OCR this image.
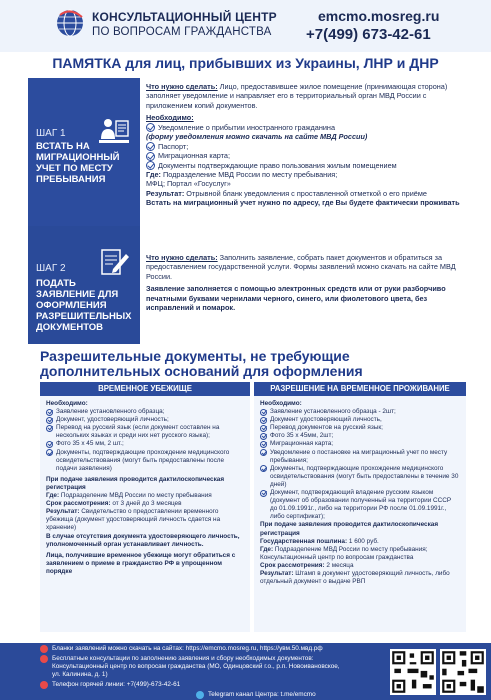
КОНСУЛЬТАЦИОННЫЙ ЦЕНТР
ПО ВОПРОСАМ ГРАЖДАНСТВА
emcmo.mosreg.ru
+7(499) 673-42-61
ПАМЯТКА для лиц, прибывших из Украины, ЛНР и ДНР
ШАГ 1
ВСТАТЬ НА МИГРАЦИОННЫЙ УЧЕТ ПО МЕСТУ ПРЕБЫВАНИЯ
Что нужно сделать: Лицо, предоставившее жилое помещение (принимающая сторона) заполняет уведомление и направляет его в территориальный орган МВД России с приложением копий документов.
Необходимо:
Уведомление о прибытии иностранного гражданина
(форму уведомления можно скачать на сайте МВД России)
Паспорт;
Миграционная карта;
Документы подтверждающие право пользования жилым помещением
Где: Подразделение МВД России по месту пребывания;
МФЦ; Портал «Госуслуг»
Результат: Отрывной бланк уведомления с проставленной отметкой о его приёме
Встать на миграционный учет нужно по адресу, где Вы будете фактически проживать
ШАГ 2
ПОДАТЬ ЗАЯВЛЕНИЕ ДЛЯ ОФОРМЛЕНИЯ РАЗРЕШИТЕЛЬНЫХ ДОКУМЕНТОВ
Что нужно сделать: Заполнить заявление, собрать пакет документов и обратиться за предоставлением государственной услуги. Формы заявлений можно скачать на сайте МВД России.
Заявление заполняется с помощью электронных средств или от руки разборчиво печатными буквами чернилами черного, синего, или фиолетового цвета, без исправлений и помарок.
Разрешительные документы, не требующие дополнительных оснований для оформления
ВРЕМЕННОЕ УБЕЖИЩЕ
Необходимо:
Заявление установленного образца;
Документ, удостоверяющий личность;
Перевод на русский язык (если документ составлен на нескольких языках и среди них нет русского языка);
Фото 35 х 45 мм, 2 шт.;
Документы, подтверждающие прохождение медицинского освидетельствования (могут быть предоставлены после подачи заявления)
При подаче заявления проводится дактилоскопическая регистрация
Где: Подразделение МВД России по месту пребывания
Срок рассмотрения: от 3 дней до 3 месяцев
Результат: Свидетельство о предоставлении временного убежища (документ удостоверяющий личность сдается на хранение)
В случае отсутствия документа удостоверяющего личность, уполномоченный орган устанавливает личность.
Лица, получившие временное убежище могут обратиться с заявлением о приеме в гражданство РФ в упрощенном порядке
РАЗРЕШЕНИЕ НА ВРЕМЕННОЕ ПРОЖИВАНИЕ
Необходимо:
Заявление установленного образца - 2шт;
Документ удостоверяющий личность,
Перевод документов на русский язык;
Фото 35 х 45мм, 2шт;
Миграционная карта;
Уведомление о постановке на миграционный учет по месту пребывания;
Документы, подтверждающие прохождение медицинского освидетельствования (могут быть предоставлены в течение 30 дней)
Документ, подтверждающий владение русским языком (документ об образовании полученный на территории СССР до 01.09.1991г., либо на территории РФ после 01.09.1991г., либо сертификат);
При подаче заявления проводится дактилоскопическая регистрация
Государственная пошлина: 1 600 руб.
Где: Подразделение МВД России по месту пребывания; Консультационный центр по вопросам гражданства
Срок рассмотрения: 2 месяца
Результат: Штамп в документ удостоверяющий личность, либо отдельный документ о выдаче РВП
Бланки заявлений можно скачать на сайтах: https://emcmo.mosreg.ru, https://увм.50.мвд.рф
Бесплатные консультации по заполнению заявления и сбору необходимых документов:
Консультационный центр по вопросам гражданства (МО, Одинцовский г.о., р.п. Новоивановское,
ул. Калинина, д. 1)
Телефон горячей линии: +7(499)-673-42-61
Telegram канал Центра: t.me/emcmo
